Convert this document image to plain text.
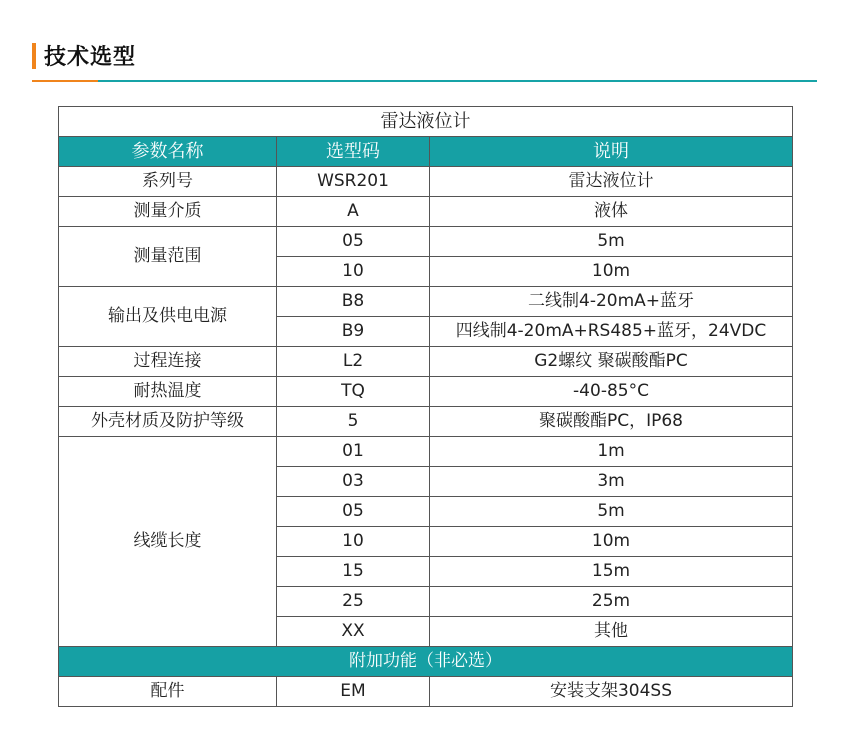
技术选型
雷达液位计		
参数名称	选型码	说明
系列号	WSR201	雷达液位计
测量介质	A	液体
测量范围	05	5m
	10	10m
输出及供电电源	B8	二线制4-20mA+蓝牙
	B9	四线制4-20mA+RS485+蓝牙，24VDC
过程连接	L2	G2螺纹 聚碳酸酯PC
耐热温度	TQ	-40-85°C
外壳材质及防护等级	5	聚碳酸酯PC，IP68
线缆长度	01	1m
	03	3m
	05	5m
	10	10m
	15	15m
	25	25m
	XX	其他
附加功能（非必选）		
配件	EM	安装支架304SS
